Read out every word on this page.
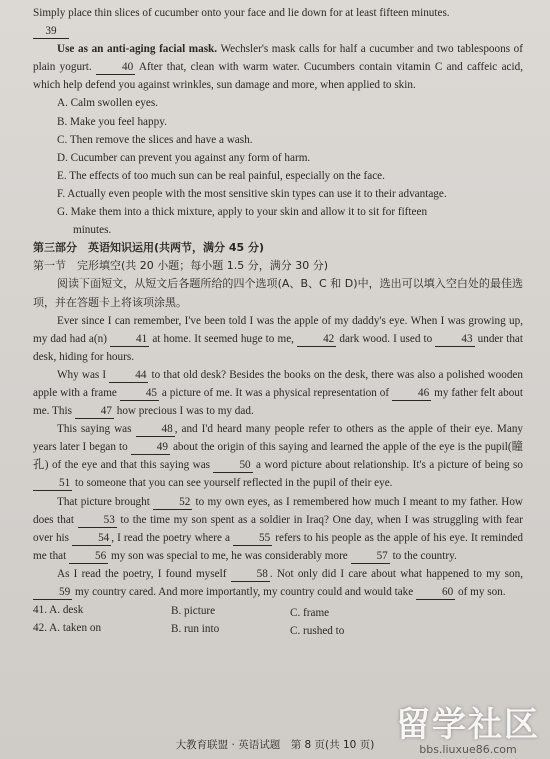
Simply place thin slices of cucumber onto your face and lie down for at least fifteen minutes.
39

Use as an anti-aging facial mask. Wechsler's mask calls for half a cucumber and two tablespoons of plain yogurt.	40 After that, clean with warm water. Cucumbers contain vitamin C and caffeic acid, which help defend you against wrinkles, sun damage and more, when applied to skin.

A. Calm swollen eyes.

B. Make you feel happy.

C. Then remove the slices and have a wash.

D. Cucumber can prevent you against any form of harm.

E. The effects of too much sun can be real painful, especially on the face.

F. Actually even people with the most sensitive skin types can use it to their advantage.

G. Make them into a thick mixture, apply to your skin and allow it to sit for fifteen

minutes.

第三部分　英语知识运用(共两节，满分 45 分)

第一节　完形填空(共 20 小题；每小题 1.5 分，满分 30 分)

阅读下面短文，从短文后各题所给的四个选项(A、B、C 和 D)中，选出可以填入空白处的最佳选项，并在答题卡上将该项涂黑。

Ever since I can remember, I've been told I was the apple of my daddy's eye. When I was growing up, my dad had a(n)	41 at home. It seemed huge to me,	42 dark wood. I used to	43 under that desk, hiding for hours.

Why was I	44 to that old desk? Besides the books on the desk, there was also a polished wooden apple with a frame	45 a picture of me. It was a physical representation of	46 my father felt about me. This	47 how precious I was to my dad.

This saying was	48 , and I'd heard many people refer to others as the apple of their eye. Many years later I began to	49 about the origin of this saying and learned the apple of the eye is the pupil(瞳孔) of the eye and that this saying was	50 a word picture about relationship. It's a picture of being so 51 to someone that you can see yourself reflected in the pupil of their eye.

That picture brought	52 to my own eyes, as I remembered how much I meant to my father. How does that	53 to the time my son spent as a soldier in Iraq? One day, when I was struggling with fear over his	54 , I read the poetry where a	55 refers to his people as the apple of his eye. It reminded me that	56 my son was special to me, he was considerably more	57 to the country.

As I read the poetry, I found myself	58 . Not only did I care about what happened to my son, 59 my country cared. And more importantly, my country could and would take	60 of my son.

41. A. desk	B. picture	C. frame
42. A. taken on	B. run into	C. rushed to
大教育联盟 · 英语试题　第 8 页(共 10 页) 留学社区
bbs.liuxue86.com
